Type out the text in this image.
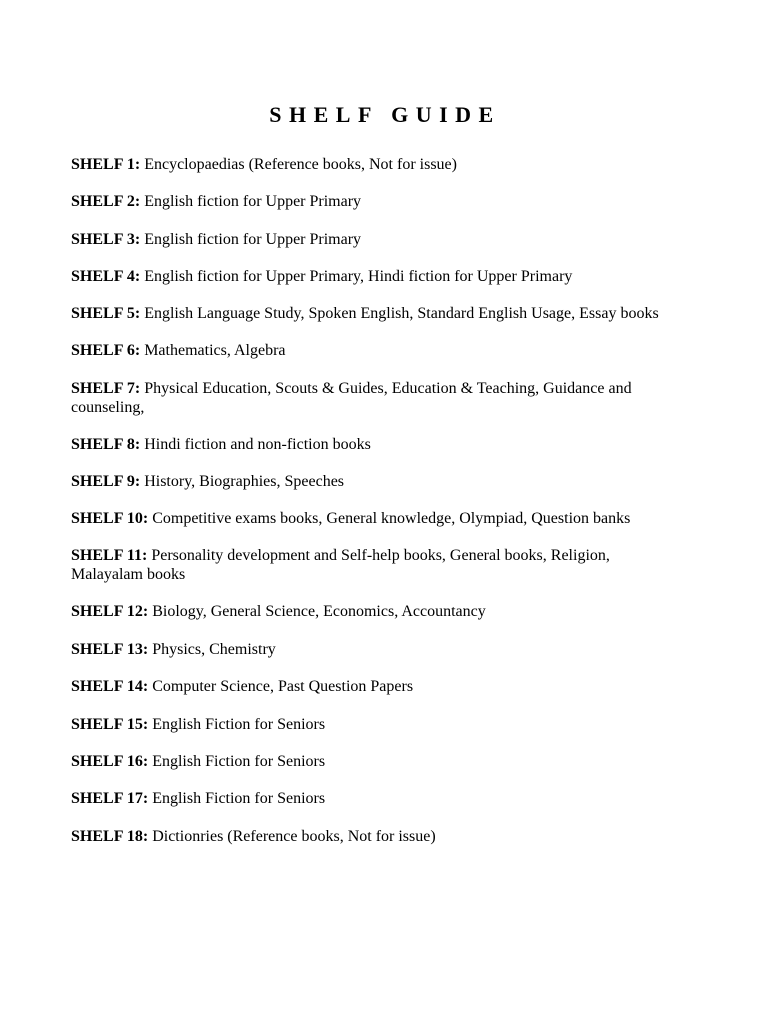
SHELF GUIDE
SHELF 1: Encyclopaedias (Reference books, Not for issue)
SHELF 2: English fiction for Upper Primary
SHELF 3: English fiction for Upper Primary
SHELF 4: English fiction for Upper Primary, Hindi fiction for Upper Primary
SHELF 5: English Language Study, Spoken English, Standard English Usage, Essay books
SHELF 6: Mathematics, Algebra
SHELF 7: Physical Education, Scouts & Guides, Education & Teaching, Guidance and counseling,
SHELF 8: Hindi fiction and non-fiction books
SHELF 9: History, Biographies, Speeches
SHELF 10: Competitive exams books, General knowledge, Olympiad, Question banks
SHELF 11: Personality development and Self-help books, General books, Religion, Malayalam books
SHELF 12: Biology, General Science, Economics, Accountancy
SHELF 13: Physics, Chemistry
SHELF 14: Computer Science, Past Question Papers
SHELF 15: English Fiction for Seniors
SHELF 16: English Fiction for Seniors
SHELF 17: English Fiction for Seniors
SHELF 18: Dictionries (Reference books, Not for issue)
